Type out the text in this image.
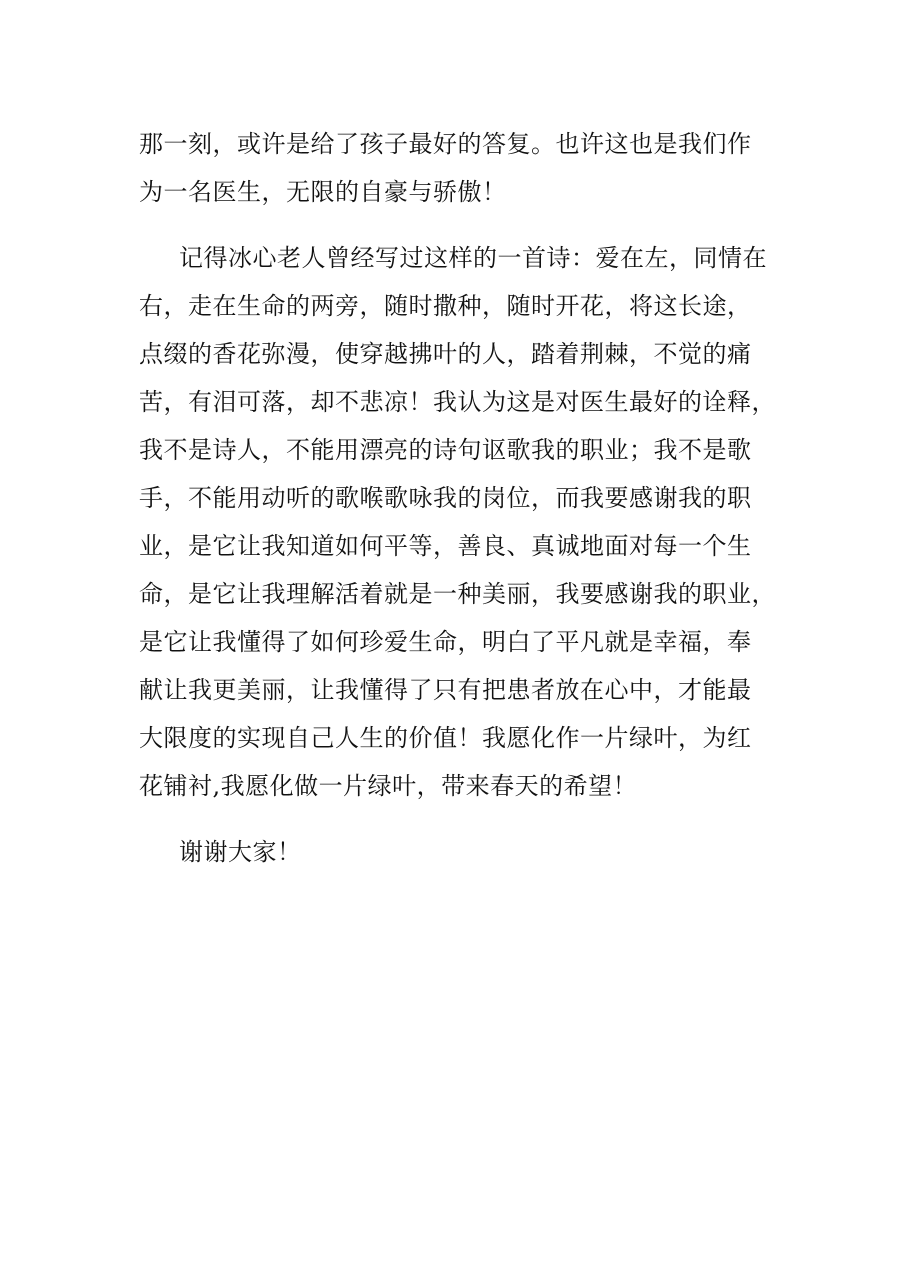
那一刻，或许是给了孩子最好的答复。也许这也是我们作
为一名医生，无限的自豪与骄傲！
记得冰心老人曾经写过这样的一首诗：爱在左，同情在
右，走在生命的两旁，随时撒种，随时开花，将这长途，
点缀的香花弥漫，使穿越拂叶的人，踏着荆棘，不觉的痛
苦，有泪可落，却不悲凉！我认为这是对医生最好的诠释，
我不是诗人，不能用漂亮的诗句讴歌我的职业；我不是歌
手，不能用动听的歌喉歌咏我的岗位，而我要感谢我的职
业，是它让我知道如何平等，善良、真诚地面对每一个生
命，是它让我理解活着就是一种美丽，我要感谢我的职业，
是它让我懂得了如何珍爱生命，明白了平凡就是幸福，奉
献让我更美丽，让我懂得了只有把患者放在心中，才能最
大限度的实现自己人生的价值！我愿化作一片绿叶，为红
花铺衬,我愿化做一片绿叶，带来春天的希望！
谢谢大家！
